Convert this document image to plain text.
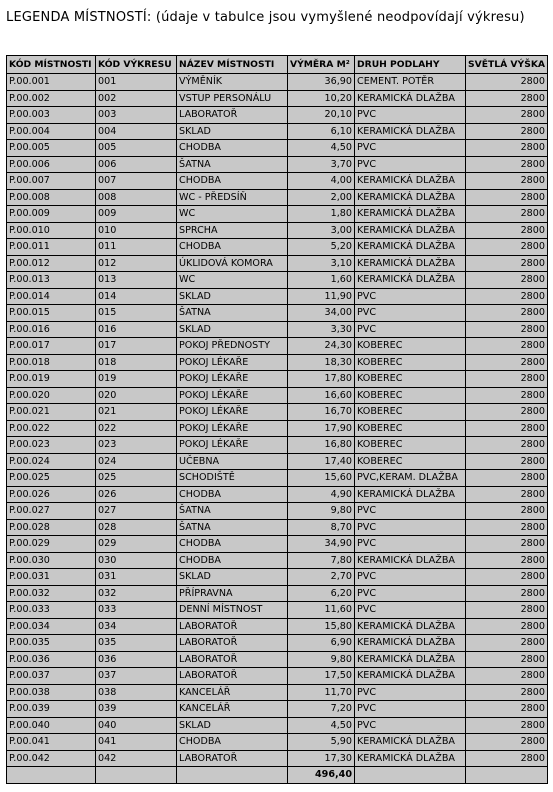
LEGENDA MÍSTNOSTÍ: (údaje v tabulce jsou vymyšlené neodpovídají výkresu)
KÓD MÍSTNOSTI	KÓD VÝKRESU	NÁZEV MÍSTNOSTI	VÝMĚRA M²	DRUH PODLAHY	SVĚTLÁ VÝŠKA
P.00.001	001	VÝMĚNÍK	36,90	CEMENT. POTĚR	2800
P.00.002	002	VSTUP PERSONÁLU	10,20	KERAMICKÁ DLAŽBA	2800
P.00.003	003	LABORATOŘ	20,10	PVC	2800
P.00.004	004	SKLAD	6,10	KERAMICKÁ DLAŽBA	2800
P.00.005	005	CHODBA	4,50	PVC	2800
P.00.006	006	ŠATNA	3,70	PVC	2800
P.00.007	007	CHODBA	4,00	KERAMICKÁ DLAŽBA	2800
P.00.008	008	WC - PŘEDSÍŇ	2,00	KERAMICKÁ DLAŽBA	2800
P.00.009	009	WC	1,80	KERAMICKÁ DLAŽBA	2800
P.00.010	010	SPRCHA	3,00	KERAMICKÁ DLAŽBA	2800
P.00.011	011	CHODBA	5,20	KERAMICKÁ DLAŽBA	2800
P.00.012	012	ÚKLIDOVÁ KOMORA	3,10	KERAMICKÁ DLAŽBA	2800
P.00.013	013	WC	1,60	KERAMICKÁ DLAŽBA	2800
P.00.014	014	SKLAD	11,90	PVC	2800
P.00.015	015	ŠATNA	34,00	PVC	2800
P.00.016	016	SKLAD	3,30	PVC	2800
P.00.017	017	POKOJ PŘEDNOSTY	24,30	KOBEREC	2800
P.00.018	018	POKOJ LÉKAŘE	18,30	KOBEREC	2800
P.00.019	019	POKOJ LÉKAŘE	17,80	KOBEREC	2800
P.00.020	020	POKOJ LÉKAŘE	16,60	KOBEREC	2800
P.00.021	021	POKOJ LÉKAŘE	16,70	KOBEREC	2800
P.00.022	022	POKOJ LÉKAŘE	17,90	KOBEREC	2800
P.00.023	023	POKOJ LÉKAŘE	16,80	KOBEREC	2800
P.00.024	024	UČEBNA	17,40	KOBEREC	2800
P.00.025	025	SCHODIŠTĚ	15,60	PVC,KERAM. DLAŽBA	2800
P.00.026	026	CHODBA	4,90	KERAMICKÁ DLAŽBA	2800
P.00.027	027	ŠATNA	9,80	PVC	2800
P.00.028	028	ŠATNA	8,70	PVC	2800
P.00.029	029	CHODBA	34,90	PVC	2800
P.00.030	030	CHODBA	7,80	KERAMICKÁ DLAŽBA	2800
P.00.031	031	SKLAD	2,70	PVC	2800
P.00.032	032	PŘÍPRAVNA	6,20	PVC	2800
P.00.033	033	DENNÍ MÍSTNOST	11,60	PVC	2800
P.00.034	034	LABORATOŘ	15,80	KERAMICKÁ DLAŽBA	2800
P.00.035	035	LABORATOŘ	6,90	KERAMICKÁ DLAŽBA	2800
P.00.036	036	LABORATOŘ	9,80	KERAMICKÁ DLAŽBA	2800
P.00.037	037	LABORATOŘ	17,50	KERAMICKÁ DLAŽBA	2800
P.00.038	038	KANCELÁŘ	11,70	PVC	2800
P.00.039	039	KANCELÁŘ	7,20	PVC	2800
P.00.040	040	SKLAD	4,50	PVC	2800
P.00.041	041	CHODBA	5,90	KERAMICKÁ DLAŽBA	2800
P.00.042	042	LABORATOŘ	17,30	KERAMICKÁ DLAŽBA	2800
			496,40		
